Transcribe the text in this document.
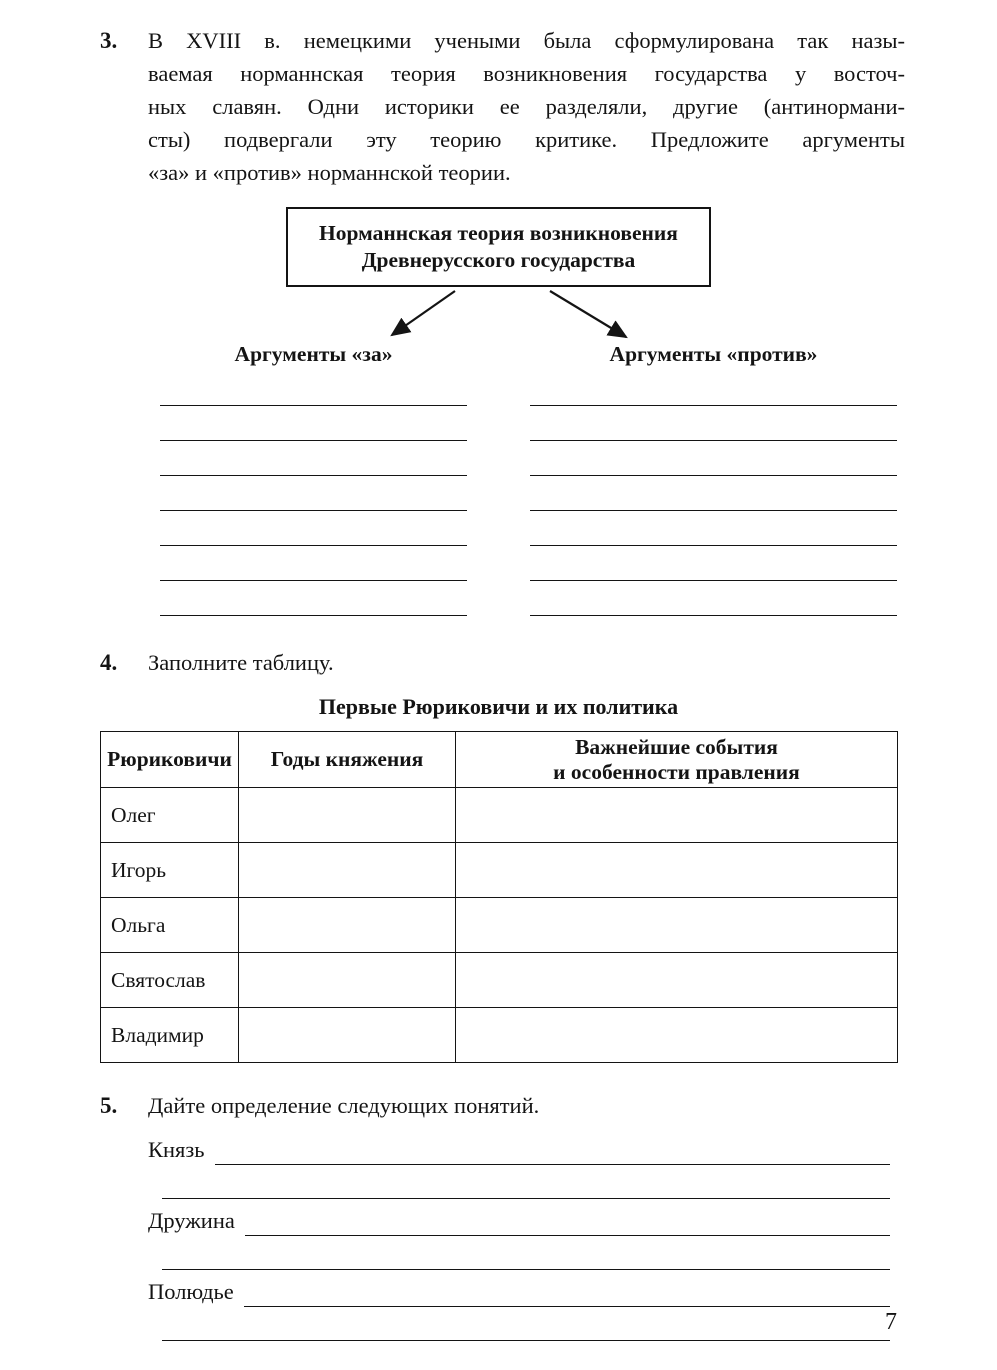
3.	В XVIII в. немецкими учеными была сформулирована так назы-
ваемая норманнская теория возникновения государства у восточ-
ных славян. Одни историки ее разделяли, другие (антинормани-
сты) подвергали эту теорию критике. Предложите аргументы
«за» и «против» норманнской теории.
Норманнская теория возникновения
Древнерусского государства
Аргументы «за»	Аргументы «против»
4.	Заполните таблицу.
Первые Рюриковичи и их политика
Рюриковичи	Годы княжения	Важнейшие события
и особенности правления

Олег		
Игорь		
Ольга		
Святослав		
Владимир		
5.	Дайте определение следующих понятий.
Князь
Дружина
Полюдье
7
